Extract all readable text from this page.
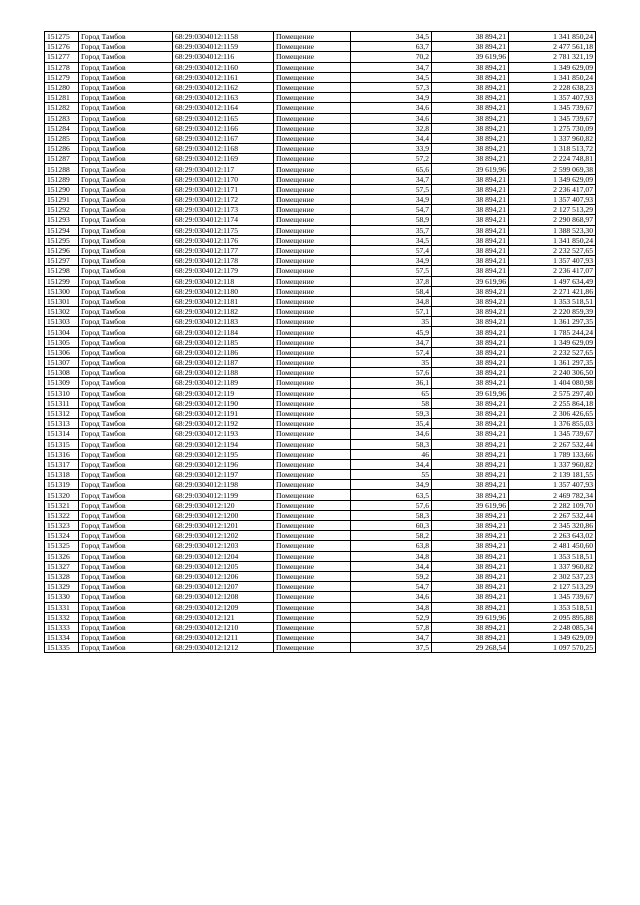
151275	Город Тамбов	68:29:0304012:1158	Помещение	34,5	38 894,21	1 341 850,24
151276	Город Тамбов	68:29:0304012:1159	Помещение	63,7	38 894,21	2 477 561,18
151277	Город Тамбов	68:29:0304012:116	Помещение	70,2	39 619,96	2 781 321,19
151278	Город Тамбов	68:29:0304012:1160	Помещение	34,7	38 894,21	1 349 629,09
151279	Город Тамбов	68:29:0304012:1161	Помещение	34,5	38 894,21	1 341 850,24
151280	Город Тамбов	68:29:0304012:1162	Помещение	57,3	38 894,21	2 228 638,23
151281	Город Тамбов	68:29:0304012:1163	Помещение	34,9	38 894,21	1 357 407,93
151282	Город Тамбов	68:29:0304012:1164	Помещение	34,6	38 894,21	1 345 739,67
151283	Город Тамбов	68:29:0304012:1165	Помещение	34,6	38 894,21	1 345 739,67
151284	Город Тамбов	68:29:0304012:1166	Помещение	32,8	38 894,21	1 275 730,09
151285	Город Тамбов	68:29:0304012:1167	Помещение	34,4	38 894,21	1 337 960,82
151286	Город Тамбов	68:29:0304012:1168	Помещение	33,9	38 894,21	1 318 513,72
151287	Город Тамбов	68:29:0304012:1169	Помещение	57,2	38 894,21	2 224 748,81
151288	Город Тамбов	68:29:0304012:117	Помещение	65,6	39 619,96	2 599 069,38
151289	Город Тамбов	68:29:0304012:1170	Помещение	34,7	38 894,21	1 349 629,09
151290	Город Тамбов	68:29:0304012:1171	Помещение	57,5	38 894,21	2 236 417,07
151291	Город Тамбов	68:29:0304012:1172	Помещение	34,9	38 894,21	1 357 407,93
151292	Город Тамбов	68:29:0304012:1173	Помещение	54,7	38 894,21	2 127 513,29
151293	Город Тамбов	68:29:0304012:1174	Помещение	58,9	38 894,21	2 290 868,97
151294	Город Тамбов	68:29:0304012:1175	Помещение	35,7	38 894,21	1 388 523,30
151295	Город Тамбов	68:29:0304012:1176	Помещение	34,5	38 894,21	1 341 850,24
151296	Город Тамбов	68:29:0304012:1177	Помещение	57,4	38 894,21	2 232 527,65
151297	Город Тамбов	68:29:0304012:1178	Помещение	34,9	38 894,21	1 357 407,93
151298	Город Тамбов	68:29:0304012:1179	Помещение	57,5	38 894,21	2 236 417,07
151299	Город Тамбов	68:29:0304012:118	Помещение	37,8	39 619,96	1 497 634,49
151300	Город Тамбов	68:29:0304012:1180	Помещение	58,4	38 894,21	2 271 421,86
151301	Город Тамбов	68:29:0304012:1181	Помещение	34,8	38 894,21	1 353 518,51
151302	Город Тамбов	68:29:0304012:1182	Помещение	57,1	38 894,21	2 220 859,39
151303	Город Тамбов	68:29:0304012:1183	Помещение	35	38 894,21	1 361 297,35
151304	Город Тамбов	68:29:0304012:1184	Помещение	45,9	38 894,21	1 785 244,24
151305	Город Тамбов	68:29:0304012:1185	Помещение	34,7	38 894,21	1 349 629,09
151306	Город Тамбов	68:29:0304012:1186	Помещение	57,4	38 894,21	2 232 527,65
151307	Город Тамбов	68:29:0304012:1187	Помещение	35	38 894,21	1 361 297,35
151308	Город Тамбов	68:29:0304012:1188	Помещение	57,6	38 894,21	2 240 306,50
151309	Город Тамбов	68:29:0304012:1189	Помещение	36,1	38 894,21	1 404 080,98
151310	Город Тамбов	68:29:0304012:119	Помещение	65	39 619,96	2 575 297,40
151311	Город Тамбов	68:29:0304012:1190	Помещение	58	38 894,21	2 255 864,18
151312	Город Тамбов	68:29:0304012:1191	Помещение	59,3	38 894,21	2 306 426,65
151313	Город Тамбов	68:29:0304012:1192	Помещение	35,4	38 894,21	1 376 855,03
151314	Город Тамбов	68:29:0304012:1193	Помещение	34,6	38 894,21	1 345 739,67
151315	Город Тамбов	68:29:0304012:1194	Помещение	58,3	38 894,21	2 267 532,44
151316	Город Тамбов	68:29:0304012:1195	Помещение	46	38 894,21	1 789 133,66
151317	Город Тамбов	68:29:0304012:1196	Помещение	34,4	38 894,21	1 337 960,82
151318	Город Тамбов	68:29:0304012:1197	Помещение	55	38 894,21	2 139 181,55
151319	Город Тамбов	68:29:0304012:1198	Помещение	34,9	38 894,21	1 357 407,93
151320	Город Тамбов	68:29:0304012:1199	Помещение	63,5	38 894,21	2 469 782,34
151321	Город Тамбов	68:29:0304012:120	Помещение	57,6	39 619,96	2 282 109,70
151322	Город Тамбов	68:29:0304012:1200	Помещение	58,3	38 894,21	2 267 532,44
151323	Город Тамбов	68:29:0304012:1201	Помещение	60,3	38 894,21	2 345 320,86
151324	Город Тамбов	68:29:0304012:1202	Помещение	58,2	38 894,21	2 263 643,02
151325	Город Тамбов	68:29:0304012:1203	Помещение	63,8	38 894,21	2 481 450,60
151326	Город Тамбов	68:29:0304012:1204	Помещение	34,8	38 894,21	1 353 518,51
151327	Город Тамбов	68:29:0304012:1205	Помещение	34,4	38 894,21	1 337 960,82
151328	Город Тамбов	68:29:0304012:1206	Помещение	59,2	38 894,21	2 302 537,23
151329	Город Тамбов	68:29:0304012:1207	Помещение	54,7	38 894,21	2 127 513,29
151330	Город Тамбов	68:29:0304012:1208	Помещение	34,6	38 894,21	1 345 739,67
151331	Город Тамбов	68:29:0304012:1209	Помещение	34,8	38 894,21	1 353 518,51
151332	Город Тамбов	68:29:0304012:121	Помещение	52,9	39 619,96	2 095 895,88
151333	Город Тамбов	68:29:0304012:1210	Помещение	57,8	38 894,21	2 248 085,34
151334	Город Тамбов	68:29:0304012:1211	Помещение	34,7	38 894,21	1 349 629,09
151335	Город Тамбов	68:29:0304012:1212	Помещение	37,5	29 268,54	1 097 570,25
